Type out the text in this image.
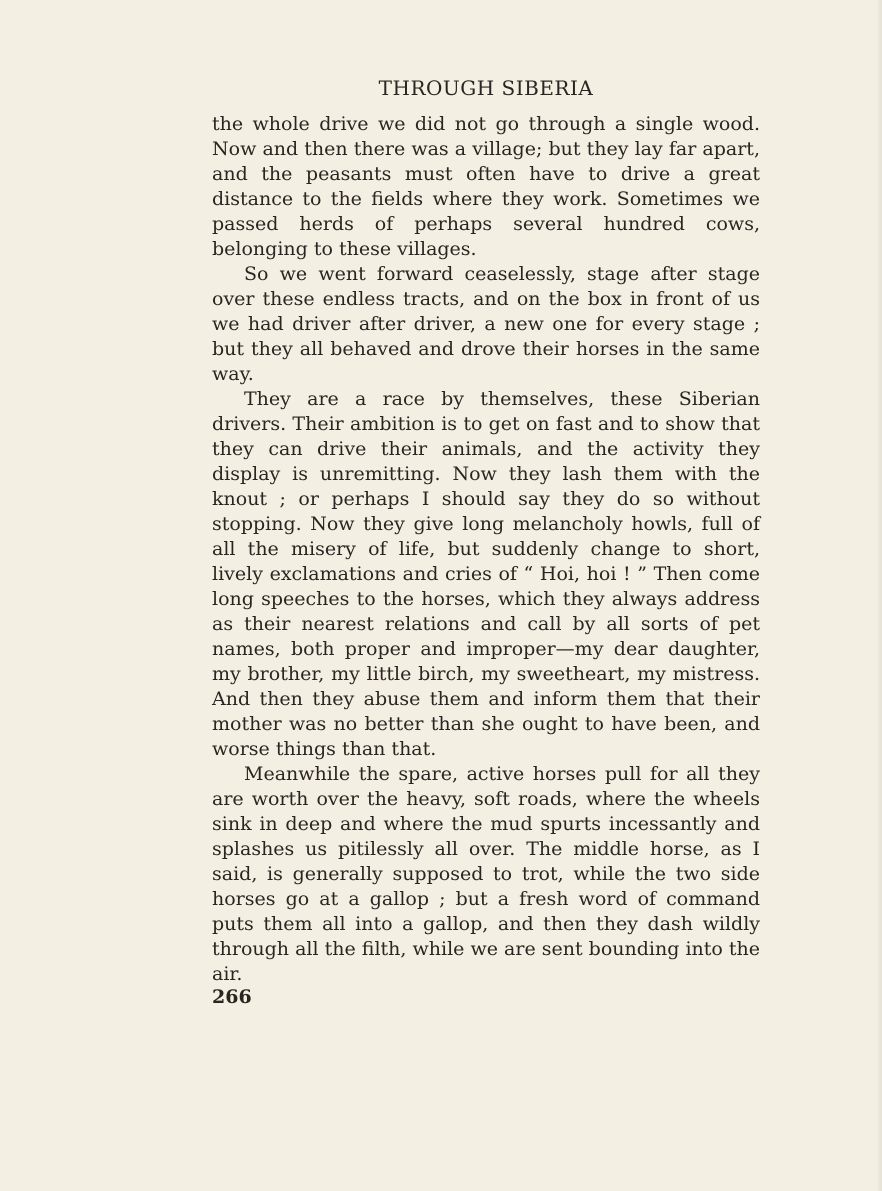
THROUGH SIBERIA

the whole drive we did not go through a single wood. Now and then there was a village; but they lay far apart, and the peasants must often have to drive a great distance to the fields where they work. Sometimes we passed herds of perhaps several hundred cows, belonging to these villages.

So we went forward ceaselessly, stage after stage over these endless tracts, and on the box in front of us we had driver after driver, a new one for every stage ; but they all behaved and drove their horses in the same way.

They are a race by themselves, these Siberian drivers. Their ambition is to get on fast and to show that they can drive their animals, and the activity they display is unremitting. Now they lash them with the knout ; or perhaps I should say they do so without stopping. Now they give long melancholy howls, full of all the misery of life, but suddenly change to short, lively exclamations and cries of “ Hoi, hoi ! ” Then come long speeches to the horses, which they always address as their nearest relations and call by all sorts of pet names, both proper and improper—my dear daughter, my brother, my little birch, my sweetheart, my mistress. And then they abuse them and inform them that their mother was no better than she ought to have been, and worse things than that.

Meanwhile the spare, active horses pull for all they are worth over the heavy, soft roads, where the wheels sink in deep and where the mud spurts incessantly and splashes us pitilessly all over. The middle horse, as I said, is generally supposed to trot, while the two side horses go at a gallop ; but a fresh word of command puts them all into a gallop, and then they dash wildly through all the filth, while we are sent bounding into the air.

266
